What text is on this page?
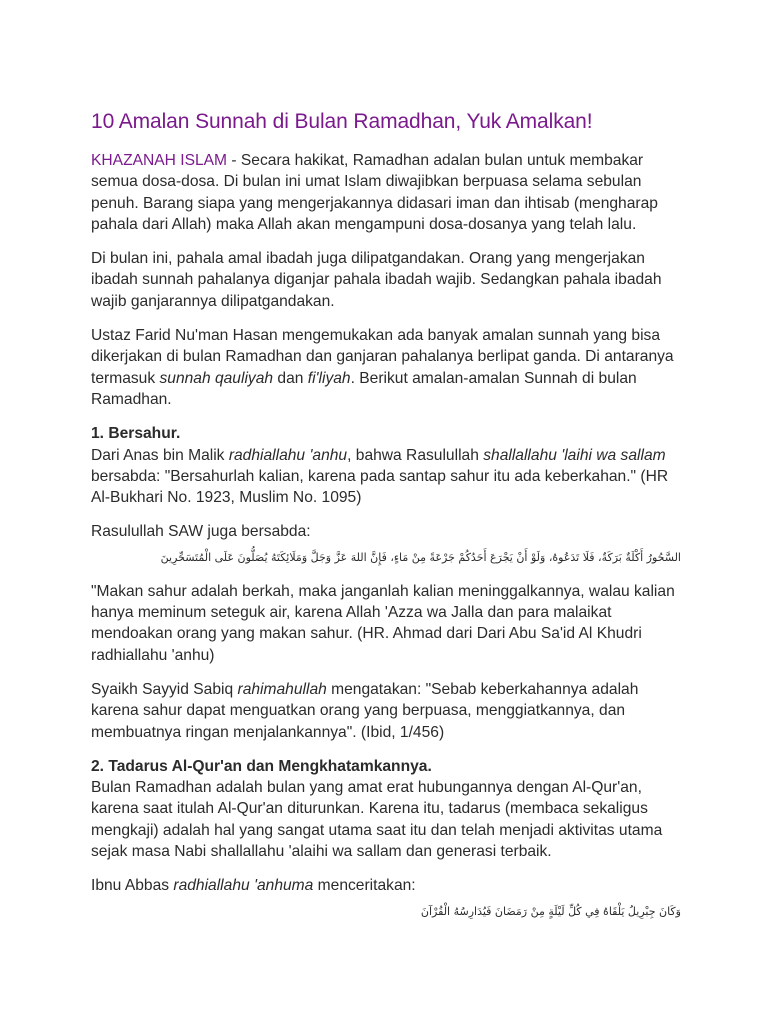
10 Amalan Sunnah di Bulan Ramadhan, Yuk Amalkan!

KHAZANAH ISLAM - Secara hakikat, Ramadhan adalan bulan untuk membakar semua dosa-dosa. Di bulan ini umat Islam diwajibkan berpuasa selama sebulan penuh. Barang siapa yang mengerjakannya didasari iman dan ihtisab (mengharap pahala dari Allah) maka Allah akan mengampuni dosa-dosanya yang telah lalu.

Di bulan ini, pahala amal ibadah juga dilipatgandakan. Orang yang mengerjakan ibadah sunnah pahalanya diganjar pahala ibadah wajib. Sedangkan pahala ibadah wajib ganjarannya dilipatgandakan.

Ustaz Farid Nu'man Hasan mengemukakan ada banyak amalan sunnah yang bisa dikerjakan di bulan Ramadhan dan ganjaran pahalanya berlipat ganda. Di antaranya termasuk sunnah qauliyah dan fi'liyah. Berikut amalan-amalan Sunnah di bulan Ramadhan.

1. Bersahur.
Dari Anas bin Malik radhiallahu 'anhu, bahwa Rasulullah shallallahu 'laihi wa sallam bersabda: "Bersahurlah kalian, karena pada santap sahur itu ada keberkahan." (HR Al-Bukhari No. 1923, Muslim No. 1095)

Rasulullah SAW juga bersabda:

السَّحُورُ أَكْلَةٌ بَرَكَةٌ، فَلَا تَدَعُوهُ، وَلَوْ أَنْ يَجْرَعَ أَحَدُكُمْ جَرْعَةً مِنْ مَاءٍ، فَإِنَّ اللهَ عَزَّ وَجَلَّ وَمَلَائِكَتَهُ يُصَلُّونَ عَلَى الْمُتَسَحِّرِينَ

"Makan sahur adalah berkah, maka janganlah kalian meninggalkannya, walau kalian hanya meminum seteguk air, karena Allah 'Azza wa Jalla dan para malaikat mendoakan orang yang makan sahur. (HR. Ahmad dari Dari Abu Sa'id Al Khudri radhiallahu 'anhu)

Syaikh Sayyid Sabiq rahimahullah mengatakan: "Sebab keberkahannya adalah karena sahur dapat menguatkan orang yang berpuasa, menggiatkannya, dan membuatnya ringan menjalankannya". (Ibid, 1/456)

2. Tadarus Al-Qur'an dan Mengkhatamkannya.
Bulan Ramadhan adalah bulan yang amat erat hubungannya dengan Al-Qur'an, karena saat itulah Al-Qur'an diturunkan. Karena itu, tadarus (membaca sekaligus mengkaji) adalah hal yang sangat utama saat itu dan telah menjadi aktivitas utama sejak masa Nabi shallallahu 'alaihi wa sallam dan generasi terbaik.

Ibnu Abbas radhiallahu 'anhuma menceritakan:

وَكَانَ جِبْرِيلُ يَلْقَاهُ فِي كُلِّ لَيْلَةٍ مِنْ رَمَضَانَ فَيُدَارِسُهُ الْقُرْآنَ
